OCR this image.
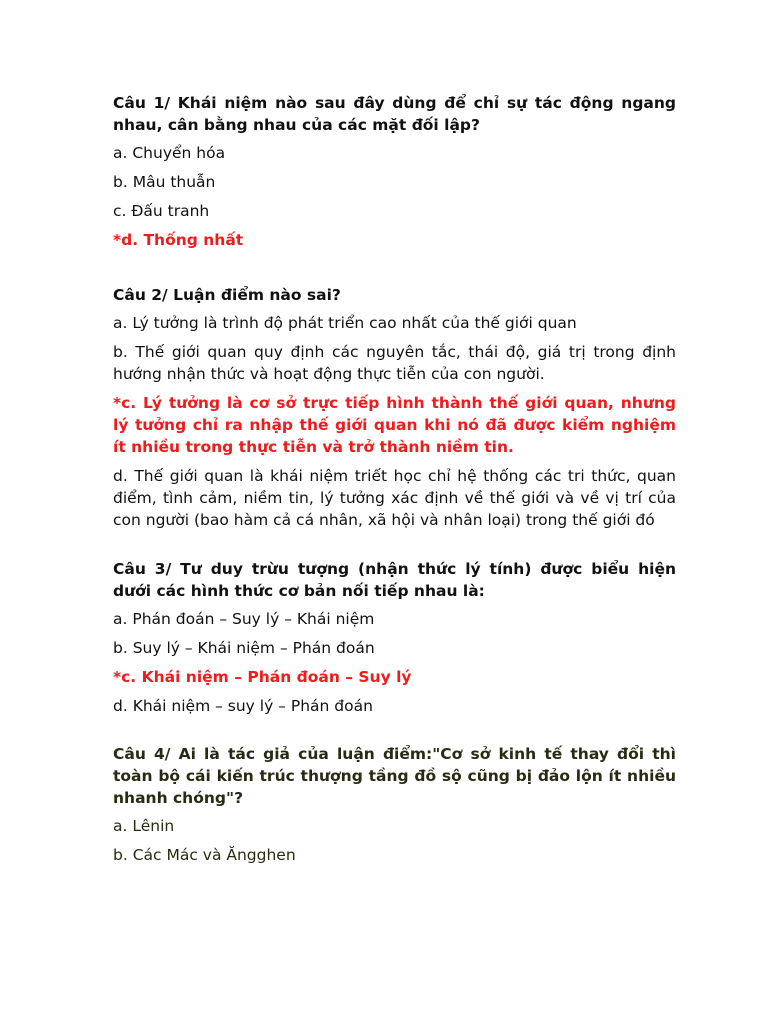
Câu 1/ Khái niệm nào sau đây dùng để chỉ sự tác động ngang nhau, cân bằng nhau của các mặt đối lập?

a. Chuyển hóa

b. Mâu thuẫn

c. Đấu tranh

*d. Thống nhất

Câu 2/ Luận điểm nào sai?

a. Lý tưởng là trình độ phát triển cao nhất của thế giới quan

b. Thế giới quan quy định các nguyên tắc, thái độ, giá trị trong định hướng nhận thức và hoạt động thực tiễn của con người.

*c. Lý tưởng là cơ sở trực tiếp hình thành thế giới quan, nhưng lý tưởng chỉ ra nhập thế giới quan khi nó đã được kiểm nghiệm ít nhiều trong thực tiễn và trở thành niềm tin.

d. Thế giới quan là khái niệm triết học chỉ hệ thống các tri thức, quan điểm, tình cảm, niềm tin, lý tưởng xác định về thế giới và về vị trí của con người (bao hàm cả cá nhân, xã hội và nhân loại) trong thế giới đó

Câu 3/ Tư duy trừu tượng (nhận thức lý tính) được biểu hiện dưới các hình thức cơ bản nối tiếp nhau là:

a. Phán đoán – Suy lý – Khái niệm

b. Suy lý – Khái niệm – Phán đoán

*c. Khái niệm – Phán đoán – Suy lý

d. Khái niệm – suy lý – Phán đoán

Câu 4/ Ai là tác giả của luận điểm:"Cơ sở kinh tế thay đổi thì toàn bộ cái kiến trúc thượng tầng đồ sộ cũng bị đảo lộn ít nhiều nhanh chóng"?

a. Lênin

b. Các Mác và Ăngghen
